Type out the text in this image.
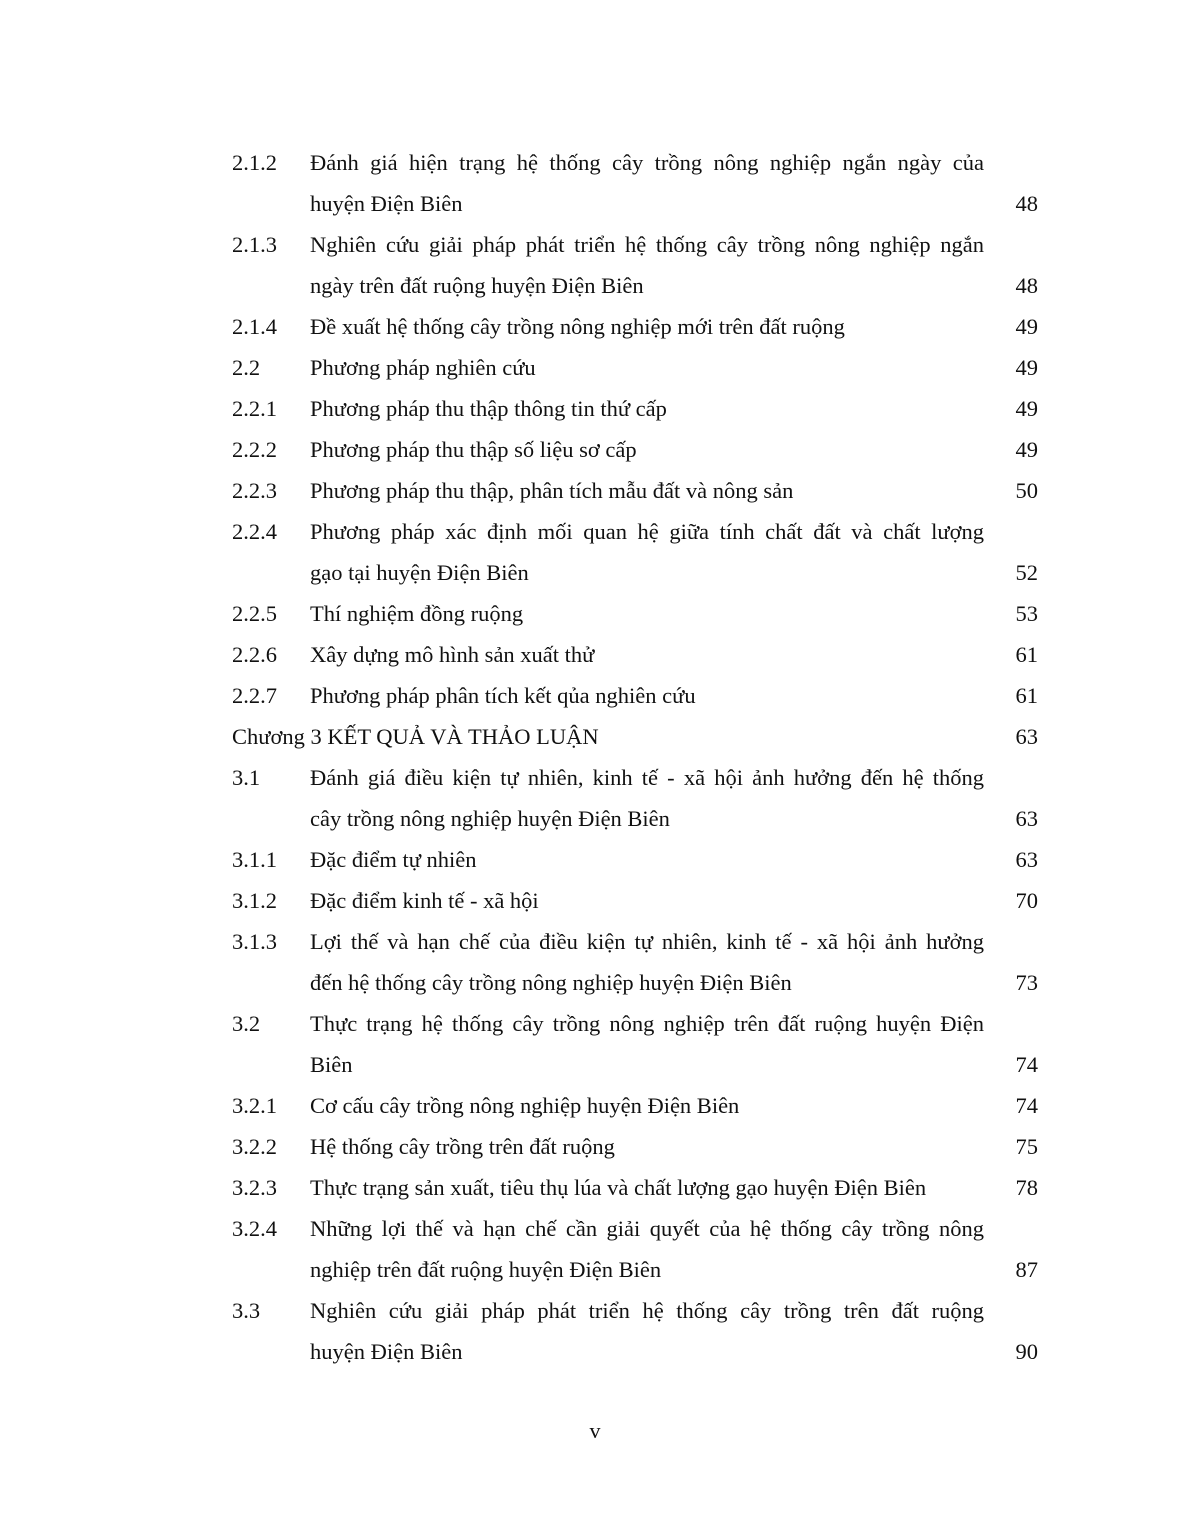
2.1.2 Đánh giá hiện trạng hệ thống cây trồng nông nghiệp ngắn ngày của
huyện Điện Biên	48
2.1.3 Nghiên cứu giải pháp phát triển hệ thống cây trồng nông nghiệp ngắn
ngày trên đất ruộng huyện Điện Biên	48
2.1.4 Đề xuất hệ thống cây trồng nông nghiệp mới trên đất ruộng	49
2.2 Phương pháp nghiên cứu	49
2.2.1 Phương pháp thu thập thông tin thứ cấp	49
2.2.2 Phương pháp thu thập số liệu sơ cấp	49
2.2.3 Phương pháp thu thập, phân tích mẫu đất và nông sản	50
2.2.4 Phương pháp xác định mối quan hệ giữa tính chất đất và chất lượng
gạo tại huyện Điện Biên	52
2.2.5 Thí nghiệm đồng ruộng	53
2.2.6 Xây dựng mô hình sản xuất thử	61
2.2.7 Phương pháp phân tích kết qủa nghiên cứu	61
Chương 3 KẾT QUẢ VÀ THẢO LUẬN	63
3.1 Đánh giá điều kiện tự nhiên, kinh tế - xã hội ảnh hưởng đến hệ thống
cây trồng nông nghiệp huyện Điện Biên	63
3.1.1 Đặc điểm tự nhiên	63
3.1.2 Đặc điểm kinh tế - xã hội	70
3.1.3 Lợi thế và hạn chế của điều kiện tự nhiên, kinh tế - xã hội ảnh hưởng
đến hệ thống cây trồng nông nghiệp huyện Điện Biên	73
3.2 Thực trạng hệ thống cây trồng nông nghiệp trên đất ruộng huyện Điện
Biên	74
3.2.1 Cơ cấu cây trồng nông nghiệp huyện Điện Biên	74
3.2.2 Hệ thống cây trồng trên đất ruộng	75
3.2.3 Thực trạng sản xuất, tiêu thụ lúa và chất lượng gạo huyện Điện Biên	78
3.2.4 Những lợi thế và hạn chế cần giải quyết của hệ thống cây trồng nông
nghiệp trên đất ruộng huyện Điện Biên	87
3.3 Nghiên cứu giải pháp phát triển hệ thống cây trồng trên đất ruộng
huyện Điện Biên	90
v
